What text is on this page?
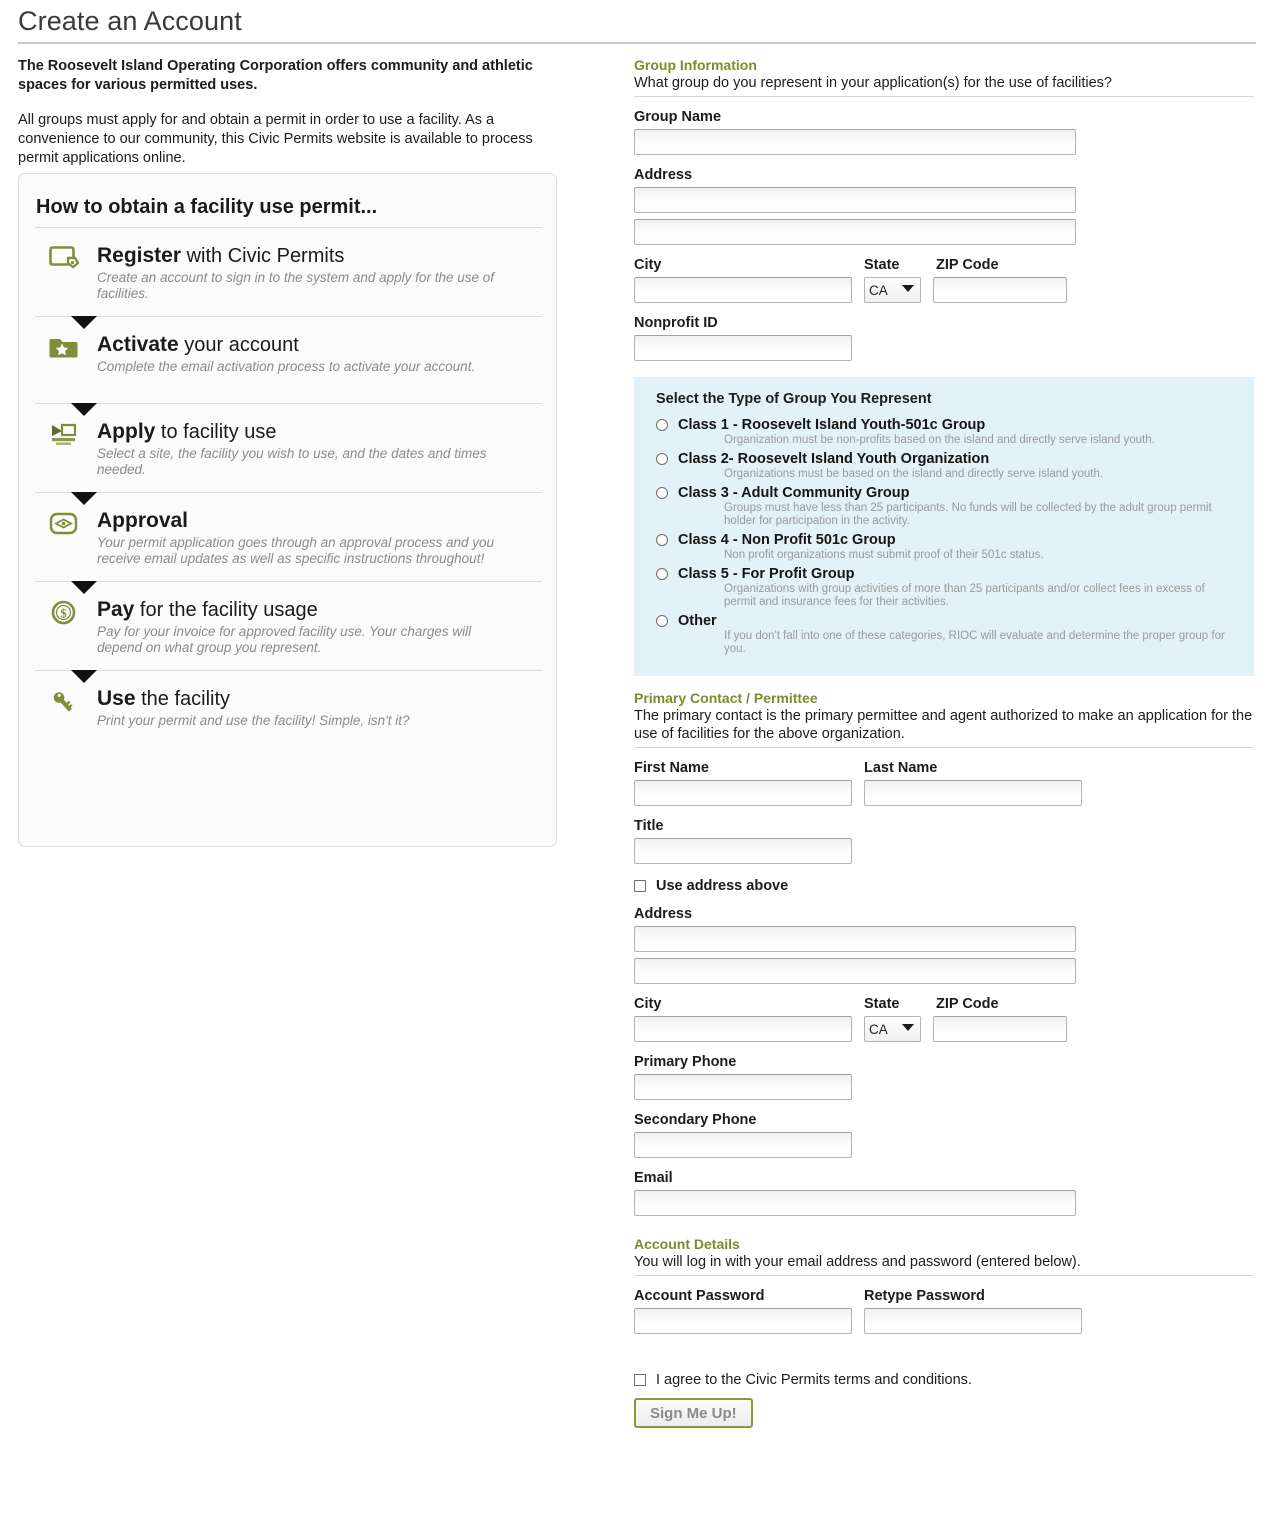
Create an Account

The Roosevelt Island Operating Corporation offers community and athletic spaces for various permitted uses.

All groups must apply for and obtain a permit in order to use a facility. As a convenience to our community, this Civic Permits website is available to process permit applications online.

How to obtain a facility use permit...
Register with Civic Permits
Create an account to sign in to the system and apply for the use of facilities.
Activate your account
Complete the email activation process to activate your account.
Apply to facility use
Select a site, the facility you wish to use, and the dates and times needed.
Approval
Your permit application goes through an approval process and you receive email updates as well as specific instructions throughout!
$ Pay for the facility usage
Pay for your invoice for approved facility use. Your charges will depend on what group you represent.
Use the facility
Print your permit and use the facility! Simple, isn't it?
Group Information
What group do you represent in your application(s) for the use of facilities?
Group Name
Address
City	State	ZIP Code
CA
Nonprofit ID
Select the Type of Group You Represent
Class 1 - Roosevelt Island Youth-501c Group
Organization must be non-profits based on the island and directly serve island youth.
Class 2- Roosevelt Island Youth Organization
Organizations must be based on the island and directly serve island youth.
Class 3 - Adult Community Group
Groups must have less than 25 participants. No funds will be collected by the adult group permit holder for participation in the activity.
Class 4 - Non Profit 501c Group
Non profit organizations must submit proof of their 501c status.
Class 5 - For Profit Group
Organizations with group activities of more than 25 participants and/or collect fees in excess of permit and insurance fees for their activities.
Other
If you don't fall into one of these categories, RIOC will evaluate and determine the proper group for you.
Primary Contact / Permittee
The primary contact is the primary permittee and agent authorized to make an application for the use of facilities for the above organization.
First Name	Last Name
Title
Use address above
Address
City	State	ZIP Code
CA
Primary Phone
Secondary Phone
Email
Account Details
You will log in with your email address and password (entered below).
Account Password	Retype Password
I agree to the Civic Permits terms and conditions.
Sign Me Up!
